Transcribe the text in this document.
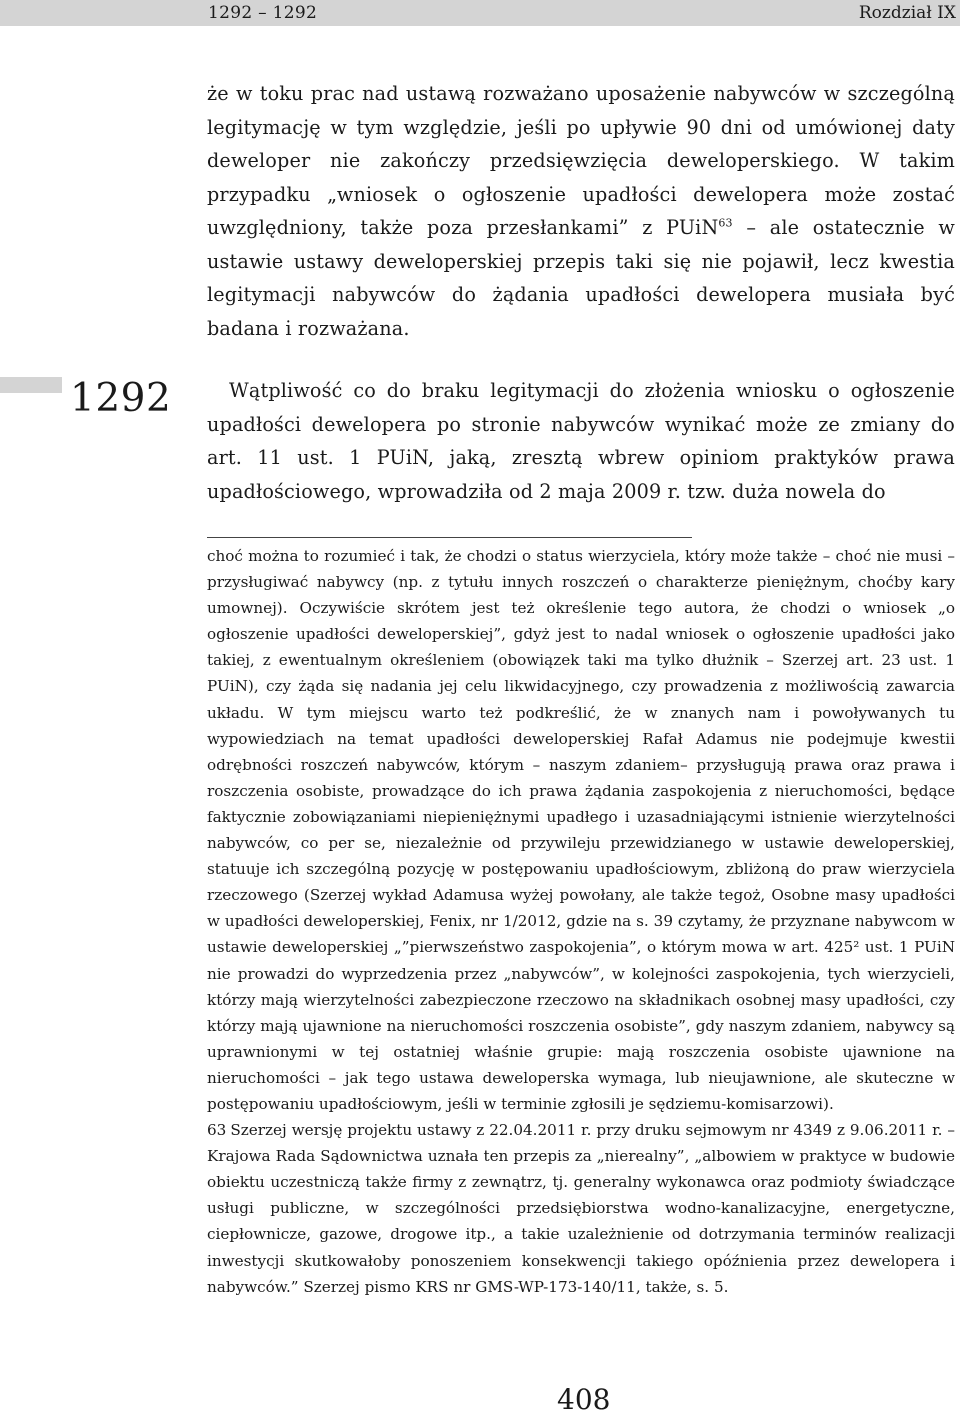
1292 – 1292	Rozdział IX
że w toku prac nad ustawą rozważano uposażenie nabywców w szczególną legitymację w tym względzie, jeśli po upływie 90 dni od umówionej daty deweloper nie zakończy przedsięwzięcia deweloperskiego. W takim przypadku „wniosek o ogłoszenie upadłości dewelopera może zostać uwzględniony, także poza przesłankami” z PUiN$^{63}$ – ale ostatecznie w ustawie ustawy deweloperskiej przepis taki się nie pojawił, lecz kwestia legitymacji nabywców do żądania upadłości dewelopera musiała być badana i rozważana.
1292	Wątpliwość co do braku legitymacji do złożenia wniosku o ogłoszenie upadłości dewelopera po stronie nabywców wynikać może ze zmiany do art. 11 ust. 1 PUiN, jaką, zresztą wbrew opiniom praktyków prawa upadłościowego, wprowadziła od 2 maja 2009 r. tzw. duża nowela do

choć można to rozumieć i tak, że chodzi o status wierzyciela, który może także – choć nie musi – przysługiwać nabywcy (np. z tytułu innych roszczeń o charakterze pieniężnym, choćby kary umownej). Oczywiście skrótem jest też określenie tego autora, że chodzi o wniosek „o ogłoszenie upadłości deweloperskiej”, gdyż jest to nadal wniosek o ogłoszenie upadłości jako takiej, z ewentualnym określeniem (obowiązek taki ma tylko dłużnik – Szerzej art. 23 ust. 1 PUiN), czy żąda się nadania jej celu likwidacyjnego, czy prowadzenia z możliwością zawarcia układu. W tym miejscu warto też podkreślić, że w znanych nam i powoływanych tu wypowiedziach na temat upadłości deweloperskiej Rafał Adamus nie podejmuje kwestii odrębności roszczeń nabywców, którym – naszym zdaniem– przysługują prawa oraz prawa i roszczenia osobiste, prowadzące do ich prawa żądania zaspokojenia z nieruchomości, będące faktycznie zobowiązaniami niepieniężnymi upadłego i uzasadniającymi istnienie wierzytelności nabywców, co per se, niezależnie od przywileju przewidzianego w ustawie deweloperskiej, statuuje ich szczególną pozycję w postępowaniu upadłościowym, zbliżoną do praw wierzyciela rzeczowego (Szerzej wykład Adamusa wyżej powołany, ale także tegoż, Osobne masy upadłości w upadłości deweloperskiej, Fenix, nr 1/2012, gdzie na s. 39 czytamy, że przyznane nabywcom w ustawie deweloperskiej „”pierwszeństwo zaspokojenia”, o którym mowa w art. 425² ust. 1 PUiN nie prowadzi do wyprzedzenia przez „nabywców”, w kolejności zaspokojenia, tych wierzycieli, którzy mają wierzytelności zabezpieczone rzeczowo na składnikach osobnej masy upadłości, czy którzy mają ujawnione na nieruchomości roszczenia osobiste”, gdy naszym zdaniem, nabywcy są uprawnionymi w tej ostatniej właśnie grupie: mają roszczenia osobiste ujawnione na nieruchomości – jak tego ustawa deweloperska wymaga, lub nieujawnione, ale skuteczne w postępowaniu upadłościowym, jeśli w terminie zgłosili je sędziemu-komisarzowi).

63 Szerzej wersję projektu ustawy z 22.04.2011 r. przy druku sejmowym nr 4349 z 9.06.2011 r. – Krajowa Rada Sądownictwa uznała ten przepis za „nierealny”, „albowiem w praktyce w budowie obiektu uczestniczą także firmy z zewnątrz, tj. generalny wykonawca oraz podmioty świadczące usługi publiczne, w szczególności przedsiębiorstwa wodno-kanalizacyjne, energetyczne, ciepłownicze, gazowe, drogowe itp., a takie uzależnienie od dotrzymania terminów realizacji inwestycji skutkowałoby ponoszeniem konsekwencji takiego opóźnienia przez dewelopera i nabywców.” Szerzej pismo KRS nr GMS-WP-173-140/11, także, s. 5.

408
